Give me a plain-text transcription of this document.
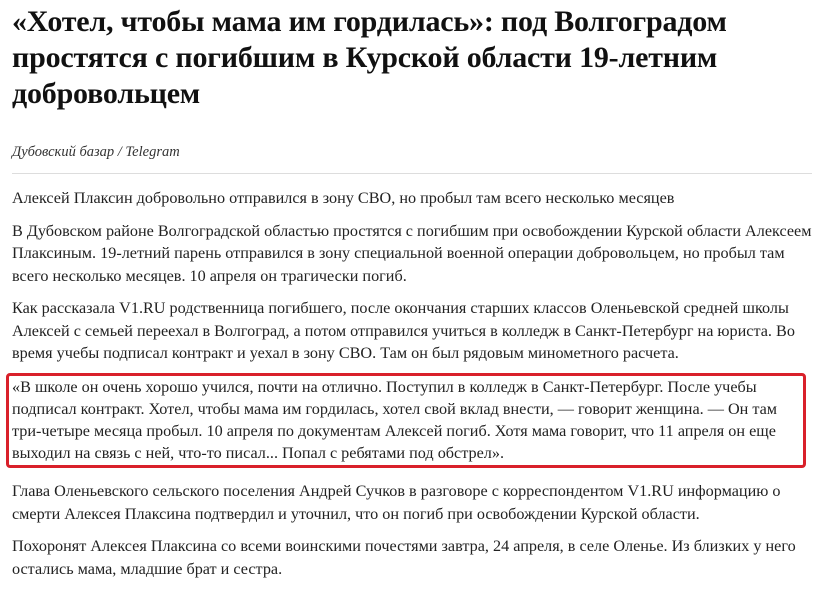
«Хотел, чтобы мама им гордилась»: под Волгоградом простятся с погибшим в Курской области 19-летним добровольцем
Дубовский базар / Telegram

Алексей Плаксин добровольно отправился в зону СВО, но пробыл там всего несколько месяцев

В Дубовском районе Волгоградской областью простятся с погибшим при освобождении Курской области Алексеем Плаксиным. 19-летний парень отправился в зону специальной военной операции добровольцем, но пробыл там всего несколько месяцев. 10 апреля он трагически погиб.

Как рассказала V1.RU родственница погибшего, после окончания старших классов Оленьевской средней школы Алексей с семьей переехал в Волгоград, а потом отправился учиться в колледж в Санкт-Петербург на юриста. Во время учебы подписал контракт и уехал в зону СВО. Там он был рядовым минометного расчета.

«В школе он очень хорошо учился, почти на отлично. Поступил в колледж в Санкт-Петербург. После учебы подписал контракт. Хотел, чтобы мама им гордилась, хотел свой вклад внести, — говорит женщина. — Он там три-четыре месяца пробыл. 10 апреля по документам Алексей погиб. Хотя мама говорит, что 11 апреля он еще выходил на связь с ней, что-то писал... Попал с ребятами под обстрел».

Глава Оленьевского сельского поселения Андрей Сучков в разговоре с корреспондентом V1.RU информацию о смерти Алексея Плаксина подтвердил и уточнил, что он погиб при освобождении Курской области.

Похоронят Алексея Плаксина со всеми воинскими почестями завтра, 24 апреля, в селе Оленье. Из близких у него остались мама, младшие брат и сестра.
